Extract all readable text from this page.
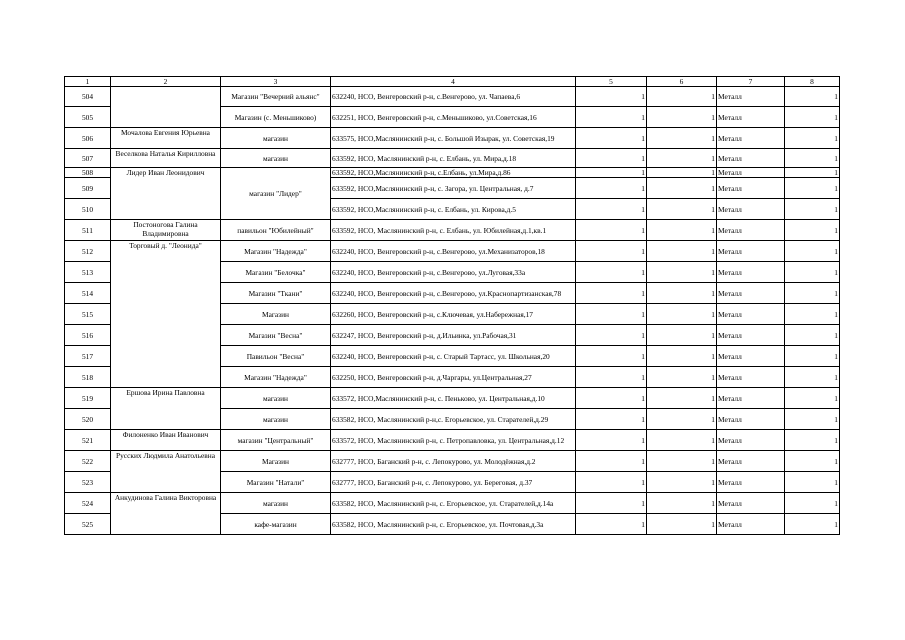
1	2	3	4	5	6	7	8
504		Магазин "Вечерний альянс"	632240, НСО, Венгеровский р-н, с.Венгерово, ул. Чапаева,6	1	1	Металл	1
505		Магазин (с. Меньшиково)	632251, НСО, Венгеровский р-н, с.Меньшиково, ул.Советская,16	1	1	Металл	1
506	Мочалова Евгения Юрьевна	магазин	633575, НСО,Маслянинский р-н, с. Большой Изырак, ул. Советская,19	1	1	Металл	1
507	Веселкова Наталья Кирилловна	магазин	633592, НСО, Маслянинский р-н, с. Елбань, ул. Мира,д.18	1	1	Металл	1
508	Лидер Иван Леонидович	магазин "Лидер"	633592, НСО,Маслянинский р-н, с.Елбань, ул.Мира,д.86	1	1	Металл	1
509			633592, НСО,Маслянинский р-н, с. Загора, ул. Центральная, д.7	1	1	Металл	1
510			633592, НСО,Маслянинский р-н, с. Елбань, ул. Кирова,д.5	1	1	Металл	1
511	Постоногова Галина Владимировна	павильон "Юбилейный"	633592, НСО, Маслянинский р-н, с. Елбань, ул. Юбилейная,д.1,кв.1	1	1	Металл	1
512	Торговый д. "Леонида"	Магазин "Надежда"	632240, НСО, Венгеровский р-н, с.Венгерово, ул.Механизаторов,18	1	1	Металл	1
513		Магазин "Белочка"	632240, НСО, Венгеровский р-н, с.Венгерово, ул.Луговая,33а	1	1	Металл	1
514		Магазин "Ткани"	632240, НСО, Венгеровский р-н, с.Венгерово, ул.Краснопартизанская,78	1	1	Металл	1
515		Магазин	632260, НСО, Венгеровский р-н, с.Ключевая, ул.Набережная,17	1	1	Металл	1
516		Магазин "Весна"	632247, НСО, Венгеровский р-н, д.Ильинка, ул.Рабочая,31	1	1	Металл	1
517		Павильон "Весна"	632240, НСО, Венгеровский р-н, с. Старый Тартасс, ул. Школьная,20	1	1	Металл	1
518		Магазин "Надежда"	632250, НСО, Венгеровский р-н, д.Чаргары, ул.Центральная,27	1	1	Металл	1
519	Ершова Ирина Павловна	магазин	633572, НСО,Маслянинский р-н, с. Пеньково, ул. Центральная,д.10	1	1	Металл	1
520		магазин	633582, НСО, Маслянинский р-н,с. Егорьевское, ул. Старателей,д.29	1	1	Металл	1
521	Филоненко Иван Иванович	магазин "Центральный"	633572, НСО, Маслянинский р-н, с. Петропавловка, ул. Центральная,д.12	1	1	Металл	1
522	Русских Людмила Анатольевна	Магазин	632777, НСО, Баганский р-н, с. Лепокурово, ул. Молодёжная,д.2	1	1	Металл	1
523		Магазин "Натали"	632777, НСО, Баганский р-н, с. Лепокурово, ул. Береговая, д.37	1	1	Металл	1
524	Анкудинова Галина Викторовна	магазин	633582, НСО, Маслянинский р-н, с. Егорьевское, ул. Старателей,д.14а	1	1	Металл	1
525		кафе-магазин	633582, НСО, Маслянинский р-н, с. Егорьевское, ул. Почтовая,д.3а	1	1	Металл	1
